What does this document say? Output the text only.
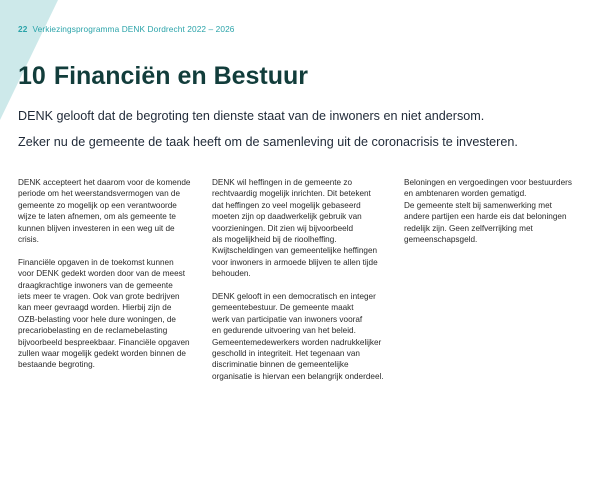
22 Verkiezingsprogramma DENK Dordrecht 2022 – 2026
10 Financiën en Bestuur
DENK gelooft dat de begroting ten dienste staat van de inwoners en niet andersom.
Zeker nu de gemeente de taak heeft om de samenleving uit de coronacrisis te investeren.

DENK accepteert het daarom voor de komende
periode om het weerstandsvermogen van de
gemeente zo mogelijk op een verantwoorde
wijze te laten afnemen, om als gemeente te
kunnen blijven investeren in een weg uit de
crisis.

Financiële opgaven in de toekomst kunnen
voor DENK gedekt worden door van de meest
draagkrachtige inwoners van de gemeente
iets meer te vragen. Ook van grote bedrijven
kan meer gevraagd worden. Hierbij zijn de
OZB-belasting voor hele dure woningen, de
precariobelasting en de reclamebelasting
bijvoorbeeld bespreekbaar. Financiële opgaven
zullen waar mogelijk gedekt worden binnen de
bestaande begroting.

DENK wil heffingen in de gemeente zo
rechtvaardig mogelijk inrichten. Dit betekent
dat heffingen zo veel mogelijk gebaseerd
moeten zijn op daadwerkelijk gebruik van
voorzieningen. Dit zien wij bijvoorbeeld
als mogelijkheid bij de rioolheffing.
Kwijtscheldingen van gemeentelijke heffingen
voor inwoners in armoede blijven te allen tijde
behouden.

DENK gelooft in een democratisch en integer
gemeentebestuur. De gemeente maakt
werk van participatie van inwoners vooraf
en gedurende uitvoering van het beleid.
Gemeentemedewerkers worden nadrukkelijker
gescholld in integriteit. Het tegenaan van
discriminatie binnen de gemeentelijke
organisatie is hiervan een belangrijk onderdeel.

Beloningen en vergoedingen voor bestuurders
en ambtenaren worden gematigd.
De gemeente stelt bij samenwerking met
andere partijen een harde eis dat beloningen
redelijk zijn. Geen zelfverrijking met
gemeenschapsgeld.
